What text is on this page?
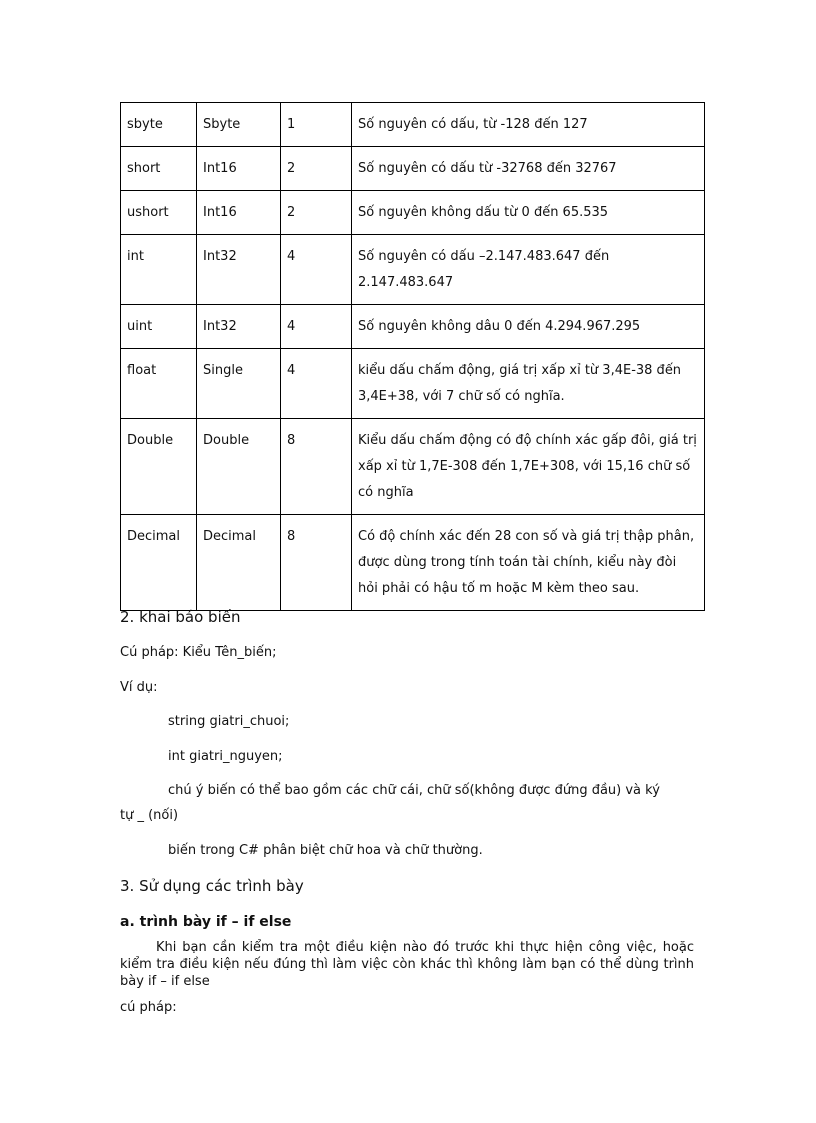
sbyte	Sbyte	1	Số nguyên có dấu, từ -128 đến 127
short	Int16	2	Số nguyên có dấu từ -32768 đến 32767
ushort	Int16	2	Số nguyên không dấu từ 0 đến 65.535
int	Int32	4	Số nguyên có dấu –2.147.483.647 đến 2.147.483.647
uint	Int32	4	Số nguyên không dâu 0 đến 4.294.967.295
float	Single	4	kiểu dấu chấm động, giá trị xấp xỉ từ 3,4E-38 đến 3,4E+38, với 7 chữ số có nghĩa.
Double	Double	8	Kiểu dấu chấm động có độ chính xác gấp đôi, giá trị xấp xỉ từ 1,7E-308 đến 1,7E+308, với 15,16 chữ số có nghĩa
Decimal	Decimal	8	Có độ chính xác đến 28 con số và giá trị thập phân, được dùng trong tính toán tài chính, kiểu này đòi hỏi phải có hậu tố m hoặc M kèm theo sau.
2. khai báo biến

Cú pháp: Kiểu Tên_biến;

Ví dụ:

string giatri_chuoi;

int giatri_nguyen;

chú ý biến có thể bao gồm các chữ cái, chữ số(không được đứng đầu) và ký

tự _ (nối)

biến trong C# phân biệt chữ hoa và chữ thường.

3. Sử dụng các trình bày
a. trình bày if – if else

Khi bạn cần kiểm tra một điều kiện nào đó trước khi thực hiện công việc, hoặc kiểm tra điều kiện nếu đúng thì làm việc còn khác thì không làm bạn có thể dùng trình bày if – if else

cú pháp:
